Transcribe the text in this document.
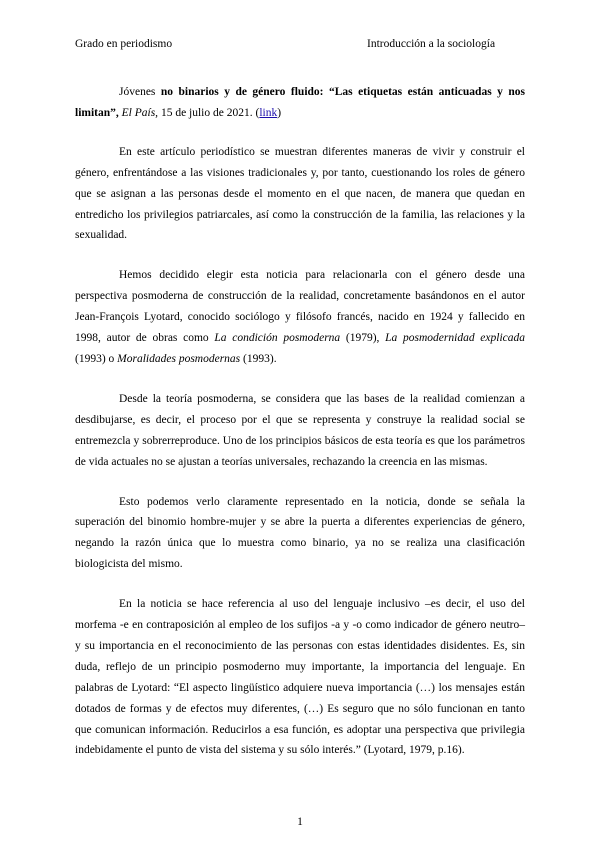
Grado en periodismo	Introducción a la sociología

Jóvenes no binarios y de género fluido: “Las etiquetas están anticuadas y nos limitan”, El País, 15 de julio de 2021. (link)

En este artículo periodístico se muestran diferentes maneras de vivir y construir el género, enfrentándose a las visiones tradicionales y, por tanto, cuestionando los roles de género que se asignan a las personas desde el momento en el que nacen, de manera que quedan en entredicho los privilegios patriarcales, así como la construcción de la familia, las relaciones y la sexualidad.

Hemos decidido elegir esta noticia para relacionarla con el género desde una perspectiva posmoderna de construcción de la realidad, concretamente basándonos en el autor Jean-François Lyotard, conocido sociólogo y filósofo francés, nacido en 1924 y fallecido en 1998, autor de obras como La condición posmoderna (1979), La posmodernidad explicada (1993) o Moralidades posmodernas (1993).

Desde la teoría posmoderna, se considera que las bases de la realidad comienzan a desdibujarse, es decir, el proceso por el que se representa y construye la realidad social se entremezcla y sobrerreproduce. Uno de los principios básicos de esta teoría es que los parámetros de vida actuales no se ajustan a teorías universales, rechazando la creencia en las mismas.

Esto podemos verlo claramente representado en la noticia, donde se señala la superación del binomio hombre-mujer y se abre la puerta a diferentes experiencias de género, negando la razón única que lo muestra como binario, ya no se realiza una clasificación biologicista del mismo.

En la noticia se hace referencia al uso del lenguaje inclusivo –es decir, el uso del morfema -e en contraposición al empleo de los sufijos -a y -o como indicador de género neutro– y su importancia en el reconocimiento de las personas con estas identidades disidentes. Es, sin duda, reflejo de un principio posmoderno muy importante, la importancia del lenguaje. En palabras de Lyotard: “El aspecto lingüístico adquiere nueva importancia (…) los mensajes están dotados de formas y de efectos muy diferentes, (…) Es seguro que no sólo funcionan en tanto que comunican información. Reducirlos a esa función, es adoptar una perspectiva que privilegia indebidamente el punto de vista del sistema y su sólo interés.” (Lyotard, 1979, p.16).

1
